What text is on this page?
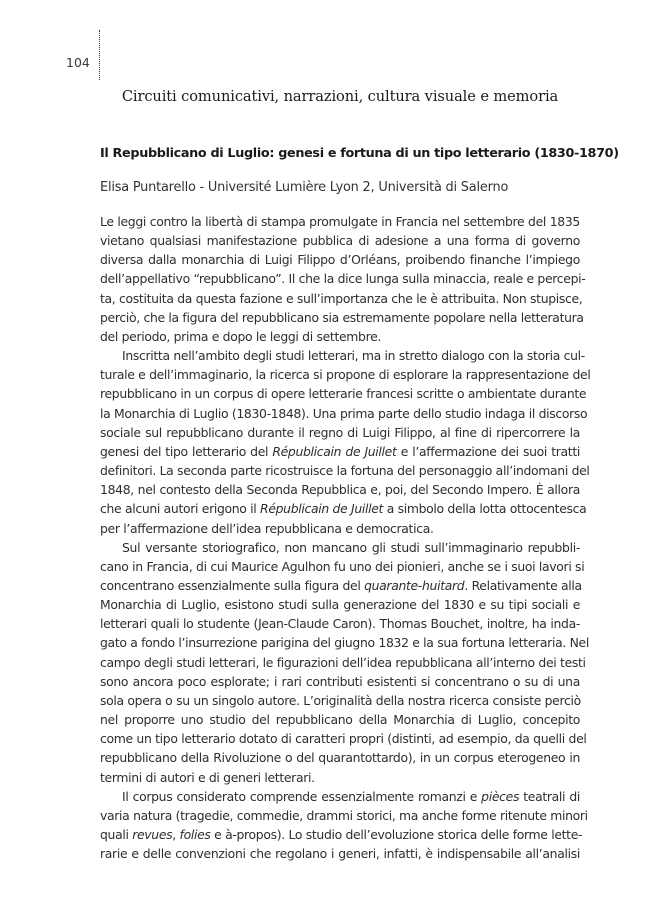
104
Circuiti comunicativi, narrazioni, cultura visuale e memoria
Il Repubblicano di Luglio: genesi e fortuna di un tipo letterario (1830-1870)
Elisa Puntarello - Université Lumière Lyon 2, Università di Salerno
Le leggi contro la libertà di stampa promulgate in Francia nel settembre del 1835
vietano qualsiasi manifestazione pubblica di adesione a una forma di governo
diversa dalla monarchia di Luigi Filippo d’Orléans, proibendo finanche l’impiego
dell’appellativo “repubblicano”. Il che la dice lunga sulla minaccia, reale e percepi-
ta, costituita da questa fazione e sull’importanza che le è attribuita. Non stupisce,
perciò, che la figura del repubblicano sia estremamente popolare nella letteratura
del periodo, prima e dopo le leggi di settembre.
Inscritta nell’ambito degli studi letterari, ma in stretto dialogo con la storia cul-
turale e dell’immaginario, la ricerca si propone di esplorare la rappresentazione del
repubblicano in un corpus di opere letterarie francesi scritte o ambientate durante
la Monarchia di Luglio (1830-1848). Una prima parte dello studio indaga il discorso
sociale sul repubblicano durante il regno di Luigi Filippo, al fine di ripercorrere la
genesi del tipo letterario del Républicain de Juillet e l’affermazione dei suoi tratti
definitori. La seconda parte ricostruisce la fortuna del personaggio all’indomani del
1848, nel contesto della Seconda Repubblica e, poi, del Secondo Impero. È allora
che alcuni autori erigono il Républicain de Juillet a simbolo della lotta ottocentesca
per l’affermazione dell’idea repubblicana e democratica.
Sul versante storiografico, non mancano gli studi sull’immaginario repubbli-
cano in Francia, di cui Maurice Agulhon fu uno dei pionieri, anche se i suoi lavori si
concentrano essenzialmente sulla figura del quarante-huitard. Relativamente alla
Monarchia di Luglio, esistono studi sulla generazione del 1830 e su tipi sociali e
letterari quali lo studente (Jean-Claude Caron). Thomas Bouchet, inoltre, ha inda-
gato a fondo l’insurrezione parigina del giugno 1832 e la sua fortuna letteraria. Nel
campo degli studi letterari, le figurazioni dell’idea repubblicana all’interno dei testi
sono ancora poco esplorate; i rari contributi esistenti si concentrano o su di una
sola opera o su un singolo autore. L’originalità della nostra ricerca consiste perciò
nel proporre uno studio del repubblicano della Monarchia di Luglio, concepito
come un tipo letterario dotato di caratteri propri (distinti, ad esempio, da quelli del
repubblicano della Rivoluzione o del quarantottardo), in un corpus eterogeneo in
termini di autori e di generi letterari.
Il corpus considerato comprende essenzialmente romanzi e pièces teatrali di
varia natura (tragedie, commedie, drammi storici, ma anche forme ritenute minori
quali revues, folies e à-propos). Lo studio dell’evoluzione storica delle forme lette-
rarie e delle convenzioni che regolano i generi, infatti, è indispensabile all’analisi
